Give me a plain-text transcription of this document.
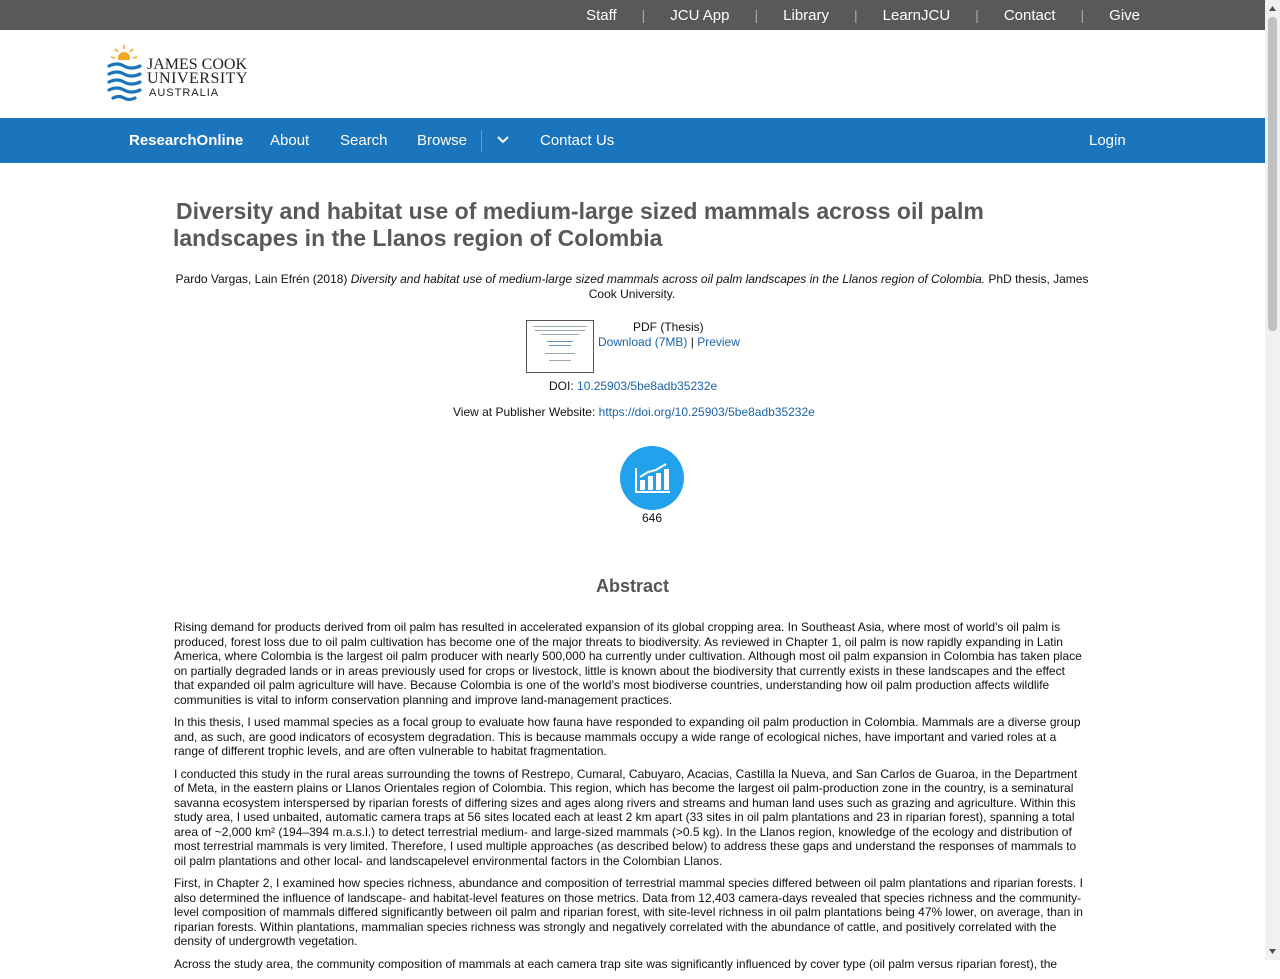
Staff | JCU App | Library | LearnJCU | Contact | Give
JAMES COOK
UNIVERSITY
AUSTRALIA
ResearchOnline About Search Browse	Contact Us	Login
Diversity and habitat use of medium-large sized mammals across oil palm
landscapes in the Llanos region of Colombia
Pardo Vargas, Lain Efrén (2018) Diversity and habitat use of medium-large sized mammals across oil palm landscapes in the Llanos region of Colombia. PhD thesis, James Cook University.
PDF (Thesis)
Download (7MB) | Preview
DOI: 10.25903/5be8adb35232e
View at Publisher Website: https://doi.org/10.25903/5be8adb35232e
646
Abstract

Rising demand for products derived from oil palm has resulted in accelerated expansion of its global cropping area. In Southeast Asia, where most of world's oil palm is produced, forest loss due to oil palm cultivation has become one of the major threats to biodiversity. As reviewed in Chapter 1, oil palm is now rapidly expanding in Latin America, where Colombia is the largest oil palm producer with nearly 500,000 ha currently under cultivation. Although most oil palm expansion in Colombia has taken place on partially degraded lands or in areas previously used for crops or livestock, little is known about the biodiversity that currently exists in these landscapes and the effect that expanded oil palm agriculture will have. Because Colombia is one of the world's most biodiverse countries, understanding how oil palm production affects wildlife communities is vital to inform conservation planning and improve land-management practices.

In this thesis, I used mammal species as a focal group to evaluate how fauna have responded to expanding oil palm production in Colombia. Mammals are a diverse group and, as such, are good indicators of ecosystem degradation. This is because mammals occupy a wide range of ecological niches, have important and varied roles at a range of different trophic levels, and are often vulnerable to habitat fragmentation.

I conducted this study in the rural areas surrounding the towns of Restrepo, Cumaral, Cabuyaro, Acacias, Castilla la Nueva, and San Carlos de Guaroa, in the Department of Meta, in the eastern plains or Llanos Orientales region of Colombia. This region, which has become the largest oil palm-production zone in the country, is a seminatural savanna ecosystem interspersed by riparian forests of differing sizes and ages along rivers and streams and human land uses such as grazing and agriculture. Within this study area, I used unbaited, automatic camera traps at 56 sites located each at least 2 km apart (33 sites in oil palm plantations and 23 in riparian forest), spanning a total area of ~2,000 km² (194–394 m.a.s.l.) to detect terrestrial medium- and large-sized mammals (>0.5 kg). In the Llanos region, knowledge of the ecology and distribution of most terrestrial mammals is very limited. Therefore, I used multiple approaches (as described below) to address these gaps and understand the responses of mammals to oil palm plantations and other local- and landscapelevel environmental factors in the Colombian Llanos.

First, in Chapter 2, I examined how species richness, abundance and composition of terrestrial mammal species differed between oil palm plantations and riparian forests. I also determined the influence of landscape- and habitat-level features on those metrics. Data from 12,403 camera-days revealed that species richness and the community-level composition of mammals differed significantly between oil palm and riparian forest, with site-level richness in oil palm plantations being 47% lower, on average, than in riparian forests. Within plantations, mammalian species richness was strongly and negatively correlated with the abundance of cattle, and positively correlated with the density of undergrowth vegetation.

Across the study area, the community composition of mammals at each camera trap site was significantly influenced by cover type (oil palm versus riparian forest), the
